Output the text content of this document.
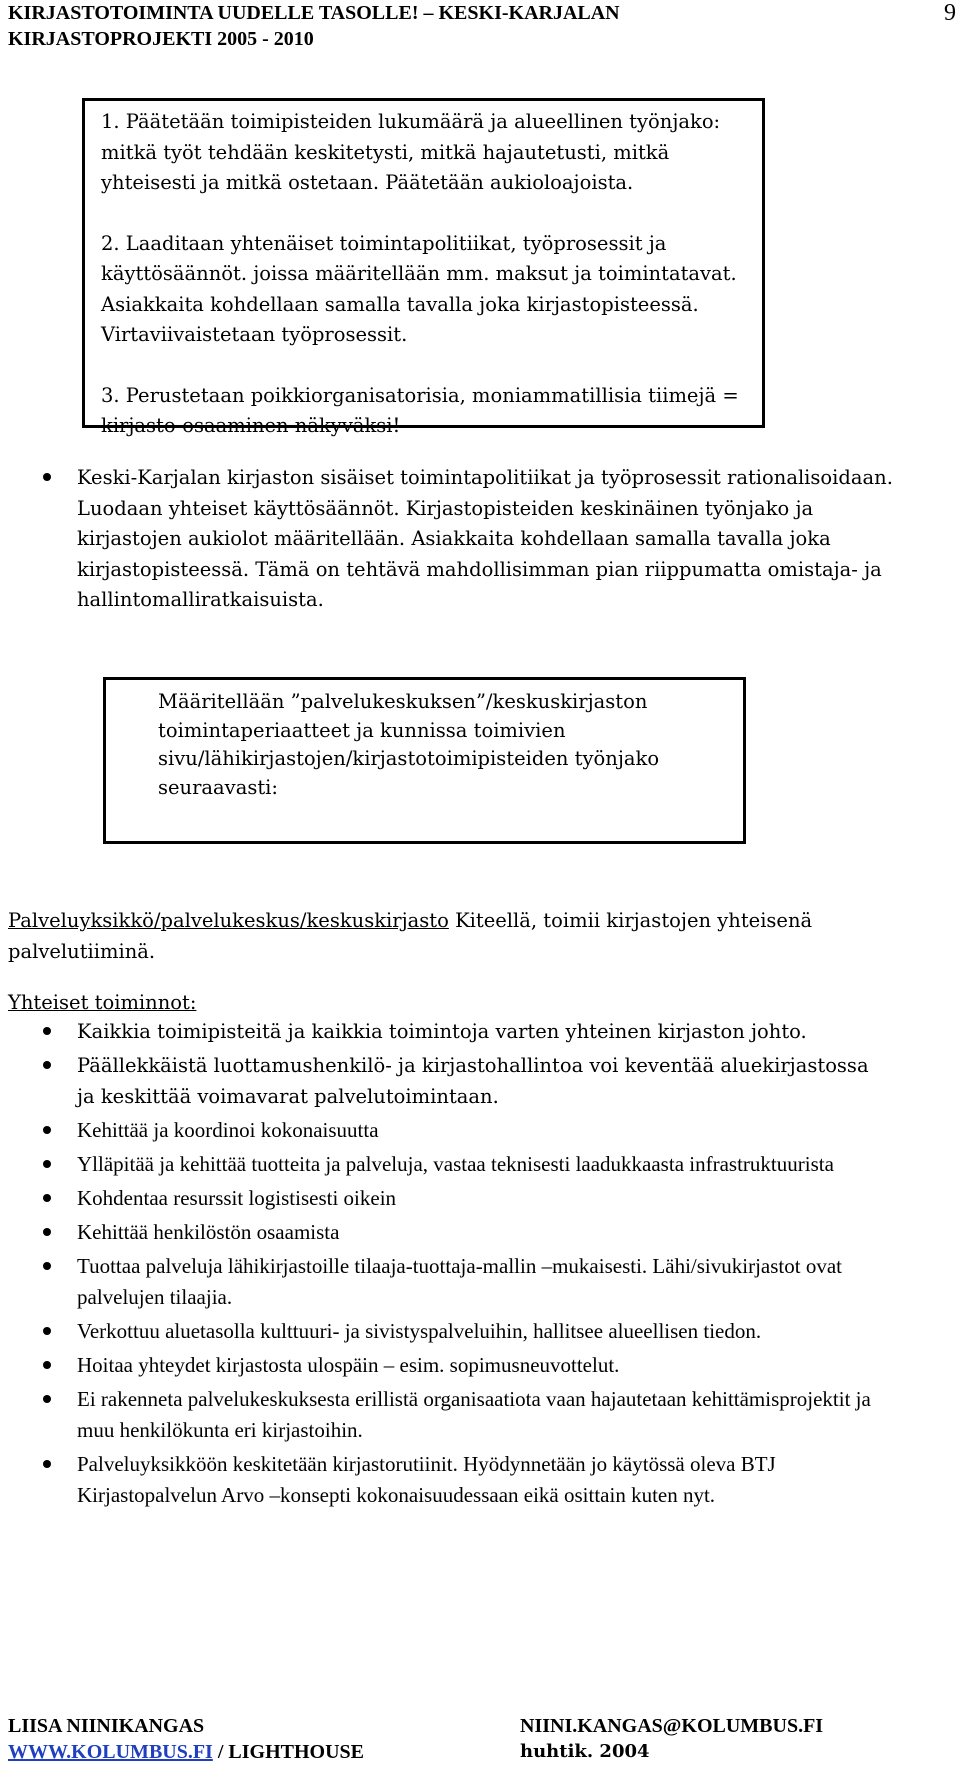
KIRJASTOTOIMINTA UUDELLE TASOLLE! – KESKI-KARJALAN
KIRJASTOPROJEKTI 2005 - 2010
9

1. Päätetään toimipisteiden lukumäärä ja alueellinen työnjako: mitkä työt tehdään keskitetysti, mitkä hajautetusti, mitkä yhteisesti ja mitkä ostetaan. Päätetään aukioloajoista.

2. Laaditaan yhtenäiset toimintapolitiikat, työprosessit ja käyttösäännöt. joissa määritellään mm. maksut ja toimintatavat. Asiakkaita kohdellaan samalla tavalla joka kirjastopisteessä. Virtaviivaistetaan työprosessit.

3. Perustetaan poikkiorganisatorisia, moniammatillisia tiimejä = kirjasto-osaaminen näkyväksi!

Keski-Karjalan kirjaston sisäiset toimintapolitiikat ja työprosessit rationalisoidaan. Luodaan yhteiset käyttösäännöt. Kirjastopisteiden keskinäinen työnjako ja kirjastojen aukiolot määritellään. Asiakkaita kohdellaan samalla tavalla joka kirjastopisteessä. Tämä on tehtävä mahdollisimman pian riippumatta omistaja- ja hallintomalliratkaisuista.

Määritellään ”palvelukeskuksen”/keskuskirjaston toimintaperiaatteet ja kunnissa toimivien sivu/lähikirjastojen/kirjastotoimipisteiden työnjako seuraavasti:

Palveluyksikkö/palvelukeskus/keskuskirjasto Kiteellä, toimii kirjastojen yhteisenä palvelutiiminä.
Yhteiset toiminnot:
Kaikkia toimipisteitä ja kaikkia toimintoja varten yhteinen kirjaston johto.
Päällekkäistä luottamushenkilö- ja kirjastohallintoa voi keventää aluekirjastossa ja keskittää voimavarat palvelutoimintaan.
Kehittää ja koordinoi kokonaisuutta
Ylläpitää ja kehittää tuotteita ja palveluja, vastaa teknisesti laadukkaasta infrastruktuurista
Kohdentaa resurssit logistisesti oikein
Kehittää henkilöstön osaamista
Tuottaa palveluja lähikirjastoille tilaaja-tuottaja-mallin –mukaisesti. Lähi/sivukirjastot ovat palvelujen tilaajia.
Verkottuu aluetasolla kulttuuri- ja sivistyspalveluihin, hallitsee alueellisen tiedon.
Hoitaa yhteydet kirjastosta ulospäin – esim. sopimusneuvottelut.
Ei rakenneta palvelukeskuksesta erillistä organisaatiota vaan hajautetaan kehittämisprojektit ja muu henkilökunta eri kirjastoihin.
Palveluyksikköön keskitetään kirjastorutiinit. Hyödynnetään jo käytössä oleva BTJ Kirjastopalvelun Arvo –konsepti kokonaisuudessaan eikä osittain kuten nyt.
LIISA NIINIKANGAS	NIINI.KANGAS@KOLUMBUS.FI
WWW.KOLUMBUS.FI / LIGHTHOUSE	huhtik. 2004
